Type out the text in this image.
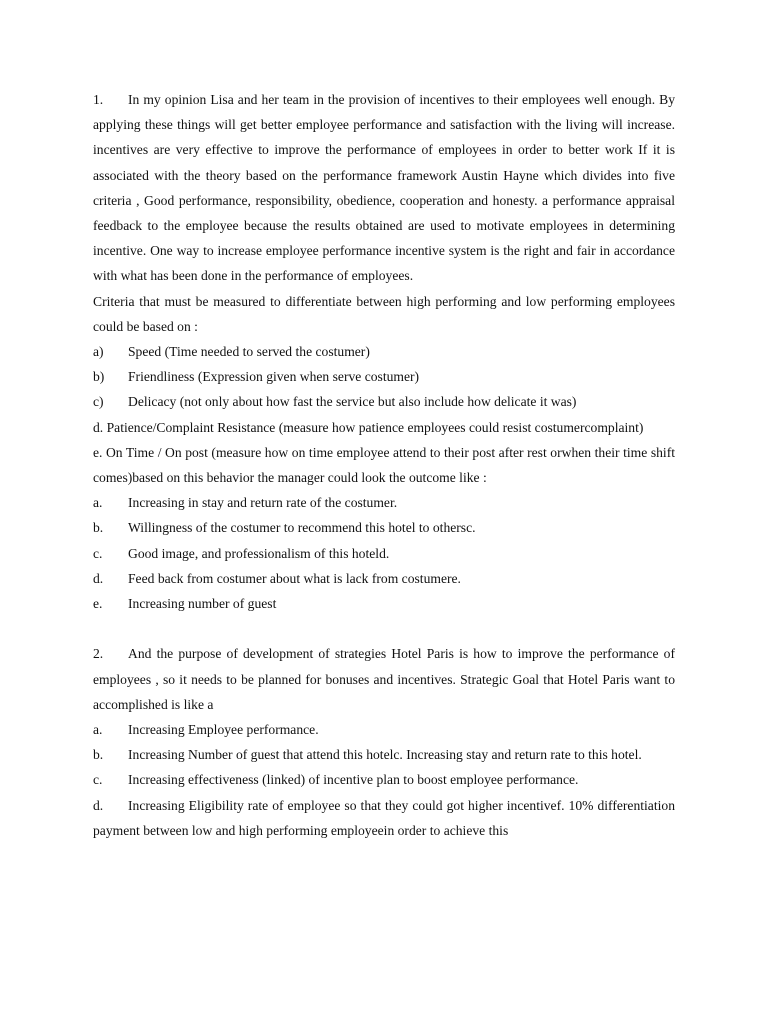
1. In my opinion Lisa and her team in the provision of incentives to their employees well enough. By applying these things will get better employee performance and satisfaction with the living will increase. incentives are very effective to improve the performance of employees in order to better work If it is associated with the theory based on the performance framework Austin Hayne which divides into five criteria , Good performance, responsibility, obedience, cooperation and honesty. a performance appraisal feedback to the employee because the results obtained are used to motivate employees in determining incentive. One way to increase employee performance incentive system is the right and fair in accordance with what has been done in the performance of employees.

Criteria that must be measured to differentiate between high performing and low performing employees could be based on :

a) Speed (Time needed to served the costumer)

b) Friendliness (Expression given when serve costumer)

c) Delicacy (not only about how fast the service but also include how delicate it was)

d. Patience/Complaint Resistance (measure how patience employees could resist costumercomplaint)

e. On Time / On post (measure how on time employee attend to their post after rest orwhen their time shift comes)based on this behavior the manager could look the outcome like :

a. Increasing in stay and return rate of the costumer.

b. Willingness of the costumer to recommend this hotel to othersc.

c. Good image, and professionalism of this hoteld.

d. Feed back from costumer about what is lack from costumere.

e. Increasing number of guest

2. And the purpose of development of strategies Hotel Paris is how to improve the performance of employees , so it needs to be planned for bonuses and incentives. Strategic Goal that Hotel Paris want to accomplished is like a

a. Increasing Employee performance.

b. Increasing Number of guest that attend this hotelc. Increasing stay and return rate to this hotel.

c. Increasing effectiveness (linked) of incentive plan to boost employee performance.

d. Increasing Eligibility rate of employee so that they could got higher incentivef. 10% differentiation payment between low and high performing employeein order to achieve this
